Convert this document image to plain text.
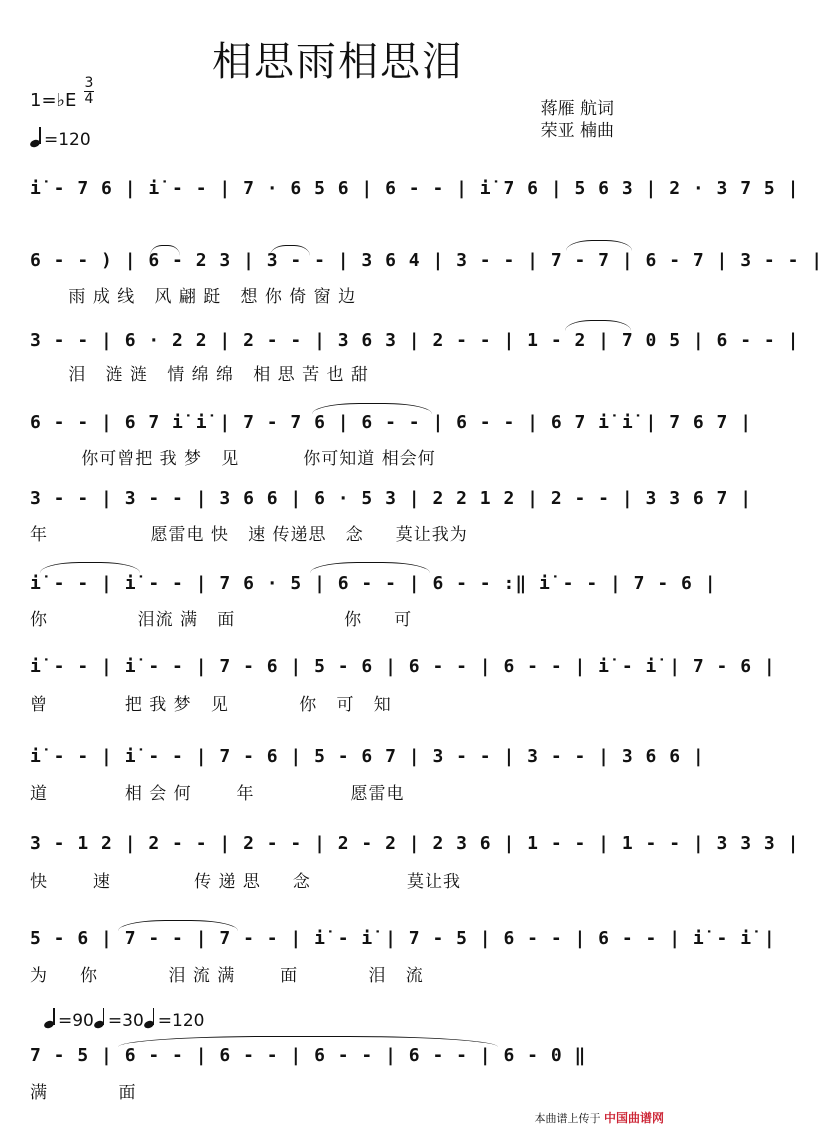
相思雨相思泪
1=♭E
3
4
=120
蒋雁 航词
荣亚 楠曲
i̇ - 7 6 | i̇ - - | 7 · 6 5 6 | 6 - - | i̇ 7 6 | 5 6 3 | 2 · 3 7 5 |
6 - - ) | 6 - 2 3 | 3 - - | 3 6 4 | 3 - - | 7 - 7 | 6 - 7 | 3 - - |
雨 成 线   风 翩 跹   想 你 倚 窗 边
3 - - | 6 · 2 2 | 2 - - | 3 6 3 | 2 - - | 1 - 2 | 7 0 5 | 6 - - |
泪   涟 涟   情 绵 绵   相 思 苦 也 甜
6 - - | 6 7 i̇ i̇ | 7 - 7 6 | 6 - - | 6 - - | 6 7 i̇ i̇ | 7 6 7 |
你可曾把 我 梦   见          你可知道 相会何
3 - - | 3 - - | 3 6 6 | 6 · 5 3 | 2 2 1 2 | 2 - - | 3 3 6 7 |
年                愿雷电 快   速 传递思   念     莫让我为
i̇ - - | i̇ - - | 7 6 · 5 | 6 - - | 6 - - :‖ i̇ - - | 7 - 6 |
你              泪流 满   面                 你     可
i̇ - - | i̇ - - | 7 - 6 | 5 - 6 | 6 - - | 6 - - | i̇ - i̇ | 7 - 6 |
曾            把 我 梦   见           你   可   知
i̇ - - | i̇ - - | 7 - 6 | 5 - 6 7 | 3 - - | 3 - - | 3 6 6 |
道            相 会 何       年               愿雷电
3 - 1 2 | 2 - - | 2 - - | 2 - 2 | 2 3 6 | 1 - - | 1 - - | 3 3 3 |
快       速             传 递 思     念               莫让我
5 - 6 | 7 - - | 7 - - | i̇ - i̇ | 7 - 5 | 6 - - | 6 - - | i̇ - i̇ |
为     你           泪 流 满       面           泪   流
=90 =30 =120
7 - 5 | 6 - - | 6 - - | 6 - - | 6 - - | 6 - 0 ‖
满           面
本曲谱上传于 中国曲谱网
